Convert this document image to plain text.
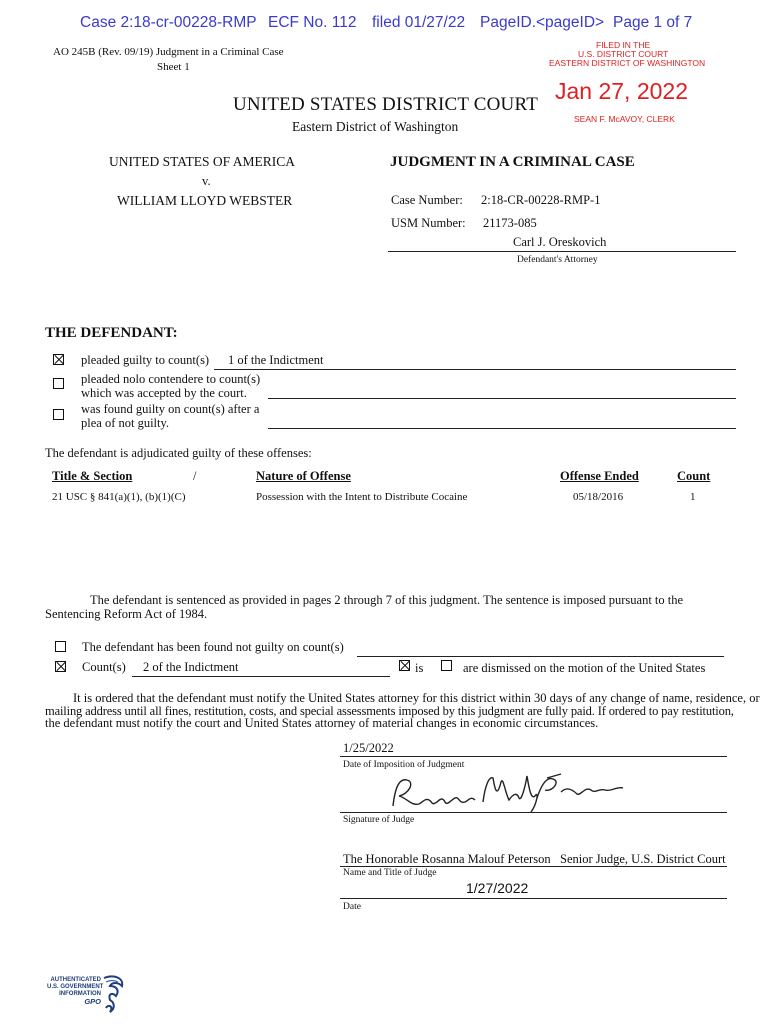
Case 2:18-cr-00228-RMP ECF No. 112 filed 01/27/22 PageID.<pageID> Page 1 of 7
AO 245B (Rev. 09/19) Judgment in a Criminal Case
Sheet 1
FILED IN THE
U.S. DISTRICT COURT
EASTERN DISTRICT OF WASHINGTON
Jan 27, 2022
SEAN F. McAVOY, CLERK
UNITED STATES DISTRICT COURT
Eastern District of Washington
UNITED STATES OF AMERICA
v.
WILLIAM LLOYD WEBSTER
JUDGMENT IN A CRIMINAL CASE
Case Number: 2:18-CR-00228-RMP-1
USM Number: 21173-085
Carl J. Oreskovich
Defendant's Attorney
THE DEFENDANT:
pleaded guilty to count(s) 1 of the Indictment
pleaded nolo contendere to count(s)
which was accepted by the court.
was found guilty on count(s) after a
plea of not guilty.
The defendant is adjudicated guilty of these offenses:
Title & Section	/	Nature of Offense	Offense Ended	Count
21 USC § 841(a)(1), (b)(1)(C)	Possession with the Intent to Distribute Cocaine	05/18/2016	1
The defendant is sentenced as provided in pages 2 through 7 of this judgment. The sentence is imposed pursuant to the
Sentencing Reform Act of 1984.
The defendant has been found not guilty on count(s)
Count(s) 2 of the Indictment	is	are dismissed on the motion of the United States
It is ordered that the defendant must notify the United States attorney for this district within 30 days of any change of name, residence, or
mailing address until all fines, restitution, costs, and special assessments imposed by this judgment are fully paid. If ordered to pay restitution,
the defendant must notify the court and United States attorney of material changes in economic circumstances.
1/25/2022
Date of Imposition of Judgment
Signature of Judge
The Honorable Rosanna Malouf Peterson Senior Judge, U.S. District Court
Name and Title of Judge
1/27/2022
Date
AUTHENTICATED
U.S. GOVERNMENT
INFORMATION
GPO
